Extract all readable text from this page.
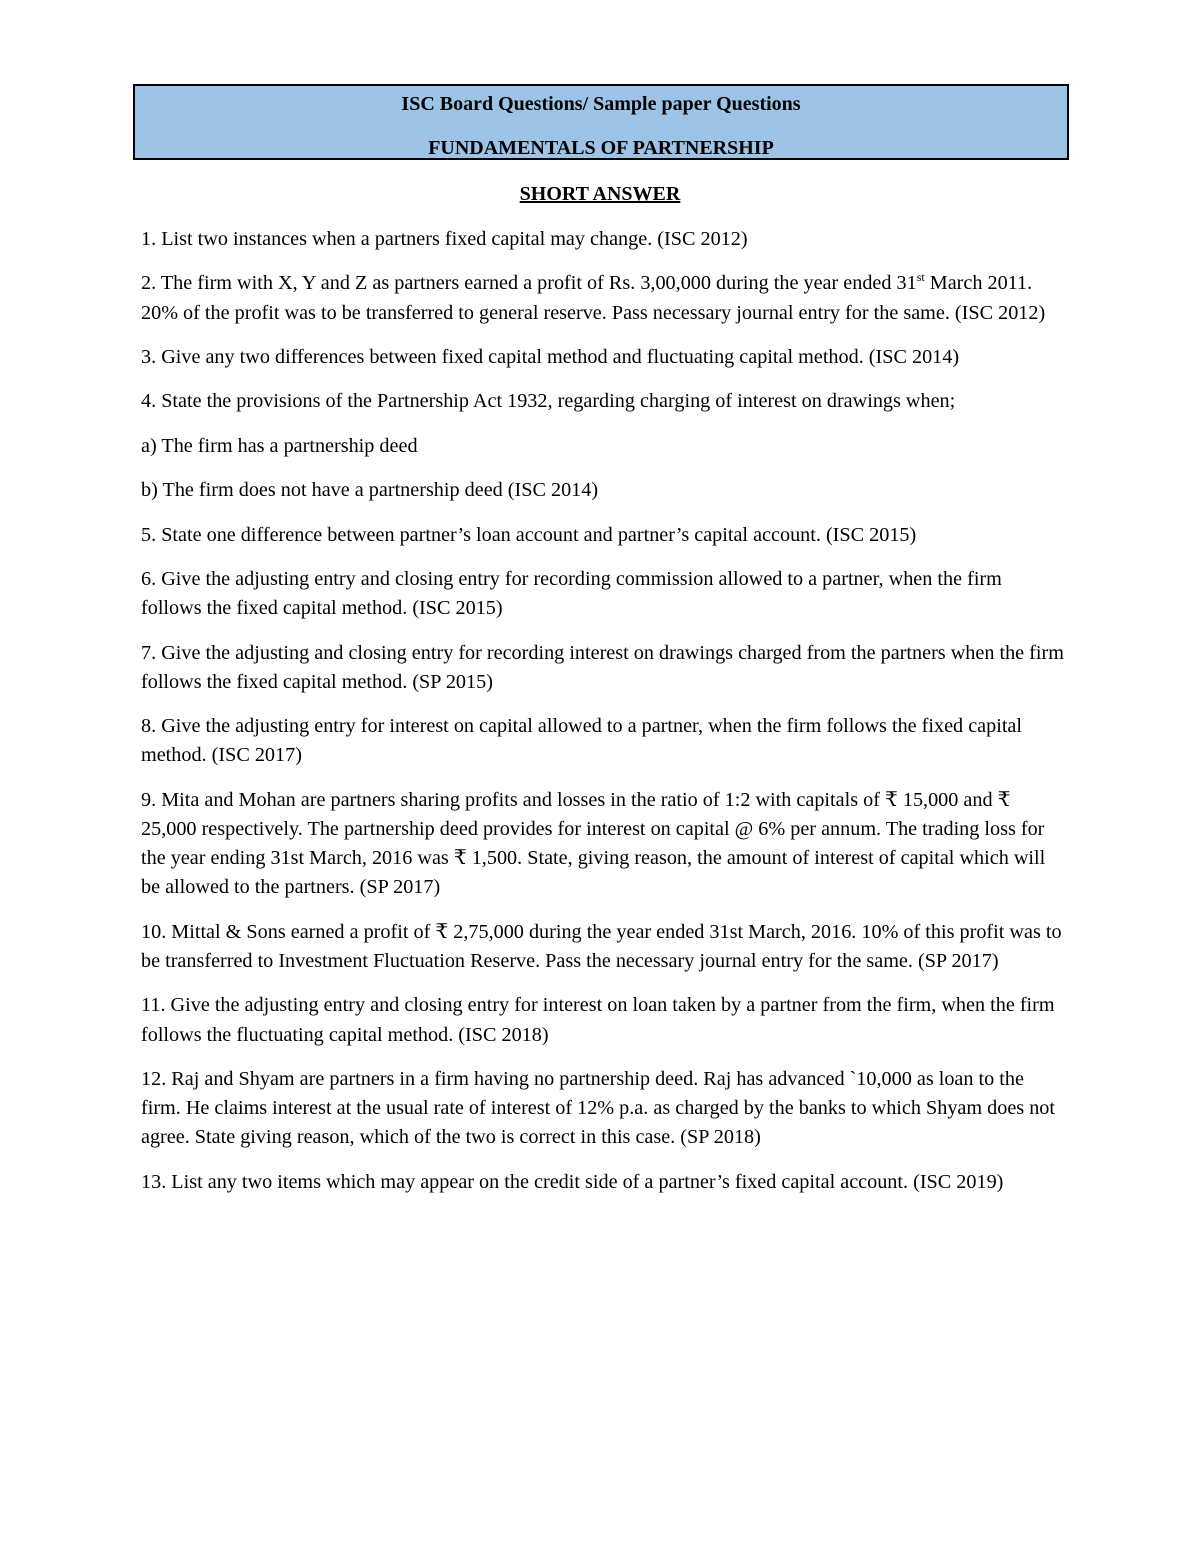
ISC Board Questions/ Sample paper Questions
FUNDAMENTALS OF PARTNERSHIP
SHORT ANSWER

1. List two instances when a partners fixed capital may change. (ISC 2012)

2. The firm with X, Y and Z as partners earned a profit of Rs. 3,00,000 during the year ended 31st March 2011. 20% of the profit was to be transferred to general reserve. Pass necessary journal entry for the same. (ISC 2012)

3. Give any two differences between fixed capital method and fluctuating capital method. (ISC 2014)

4. State the provisions of the Partnership Act 1932, regarding charging of interest on drawings when;

a) The firm has a partnership deed

b) The firm does not have a partnership deed (ISC 2014)

5. State one difference between partner’s loan account and partner’s capital account. (ISC 2015)

6. Give the adjusting entry and closing entry for recording commission allowed to a partner, when the firm follows the fixed capital method. (ISC 2015)

7. Give the adjusting and closing entry for recording interest on drawings charged from the partners when the firm follows the fixed capital method. (SP 2015)

8. Give the adjusting entry for interest on capital allowed to a partner, when the firm follows the fixed capital method. (ISC 2017)

9. Mita and Mohan are partners sharing profits and losses in the ratio of 1:2 with capitals of ₹ 15,000 and ₹ 25,000 respectively. The partnership deed provides for interest on capital @ 6% per annum. The trading loss for the year ending 31st March, 2016 was ₹ 1,500. State, giving reason, the amount of interest of capital which will be allowed to the partners. (SP 2017)

10. Mittal & Sons earned a profit of ₹ 2,75,000 during the year ended 31st March, 2016. 10% of this profit was to be transferred to Investment Fluctuation Reserve. Pass the necessary journal entry for the same. (SP 2017)

11. Give the adjusting entry and closing entry for interest on loan taken by a partner from the firm, when the firm follows the fluctuating capital method. (ISC 2018)

12. Raj and Shyam are partners in a firm having no partnership deed. Raj has advanced `10,000 as loan to the firm. He claims interest at the usual rate of interest of 12% p.a. as charged by the banks to which Shyam does not agree. State giving reason, which of the two is correct in this case. (SP 2018)

13. List any two items which may appear on the credit side of a partner’s fixed capital account. (ISC 2019)
